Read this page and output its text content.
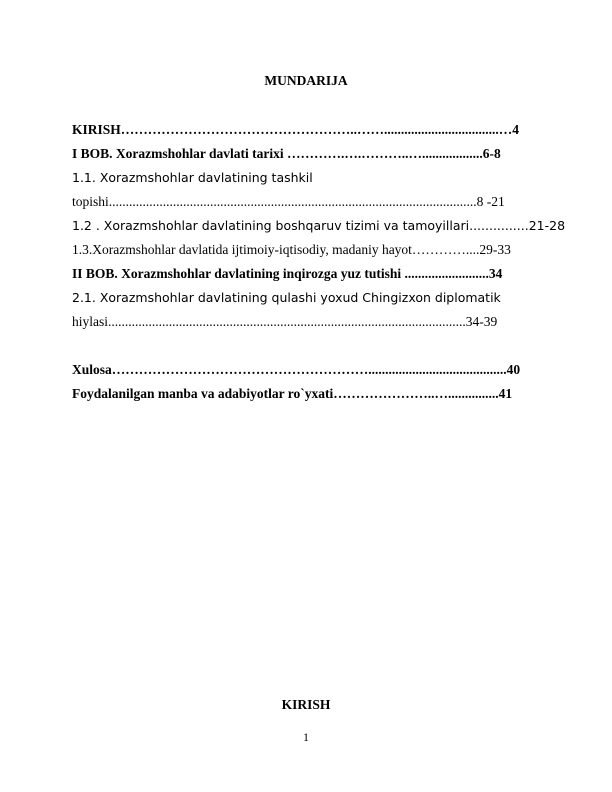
MUNDARIJA
KIRISH……………………………………………..……..................................…4
I BOB. Xorazmshohlar davlati tarixi ………….….………..…..................6-8
1.1. Xorazmshohlar davlatining tashkil
topishi.............................................................................................................8 -21
1.2 . Xorazmshohlar davlatining boshqaruv tizimi va tamoyillari...............21-28
1.3.Xorazmshohlar davlatida ijtimoiy-iqtisodiy, madaniy hayot…………....29-33
II BOB. Xorazmshohlar davlatining inqirozga yuz tutishi .........................34
2.1. Xorazmshohlar davlatining qulashi yoxud Chingizxon diplomatik
hiylasi..........................................................................................................34-39
Xulosa………………………………………………….........................................40
Foydalanilgan manba va adabiyotlar ro`yxati…………………..…...............41
KIRISH
1
